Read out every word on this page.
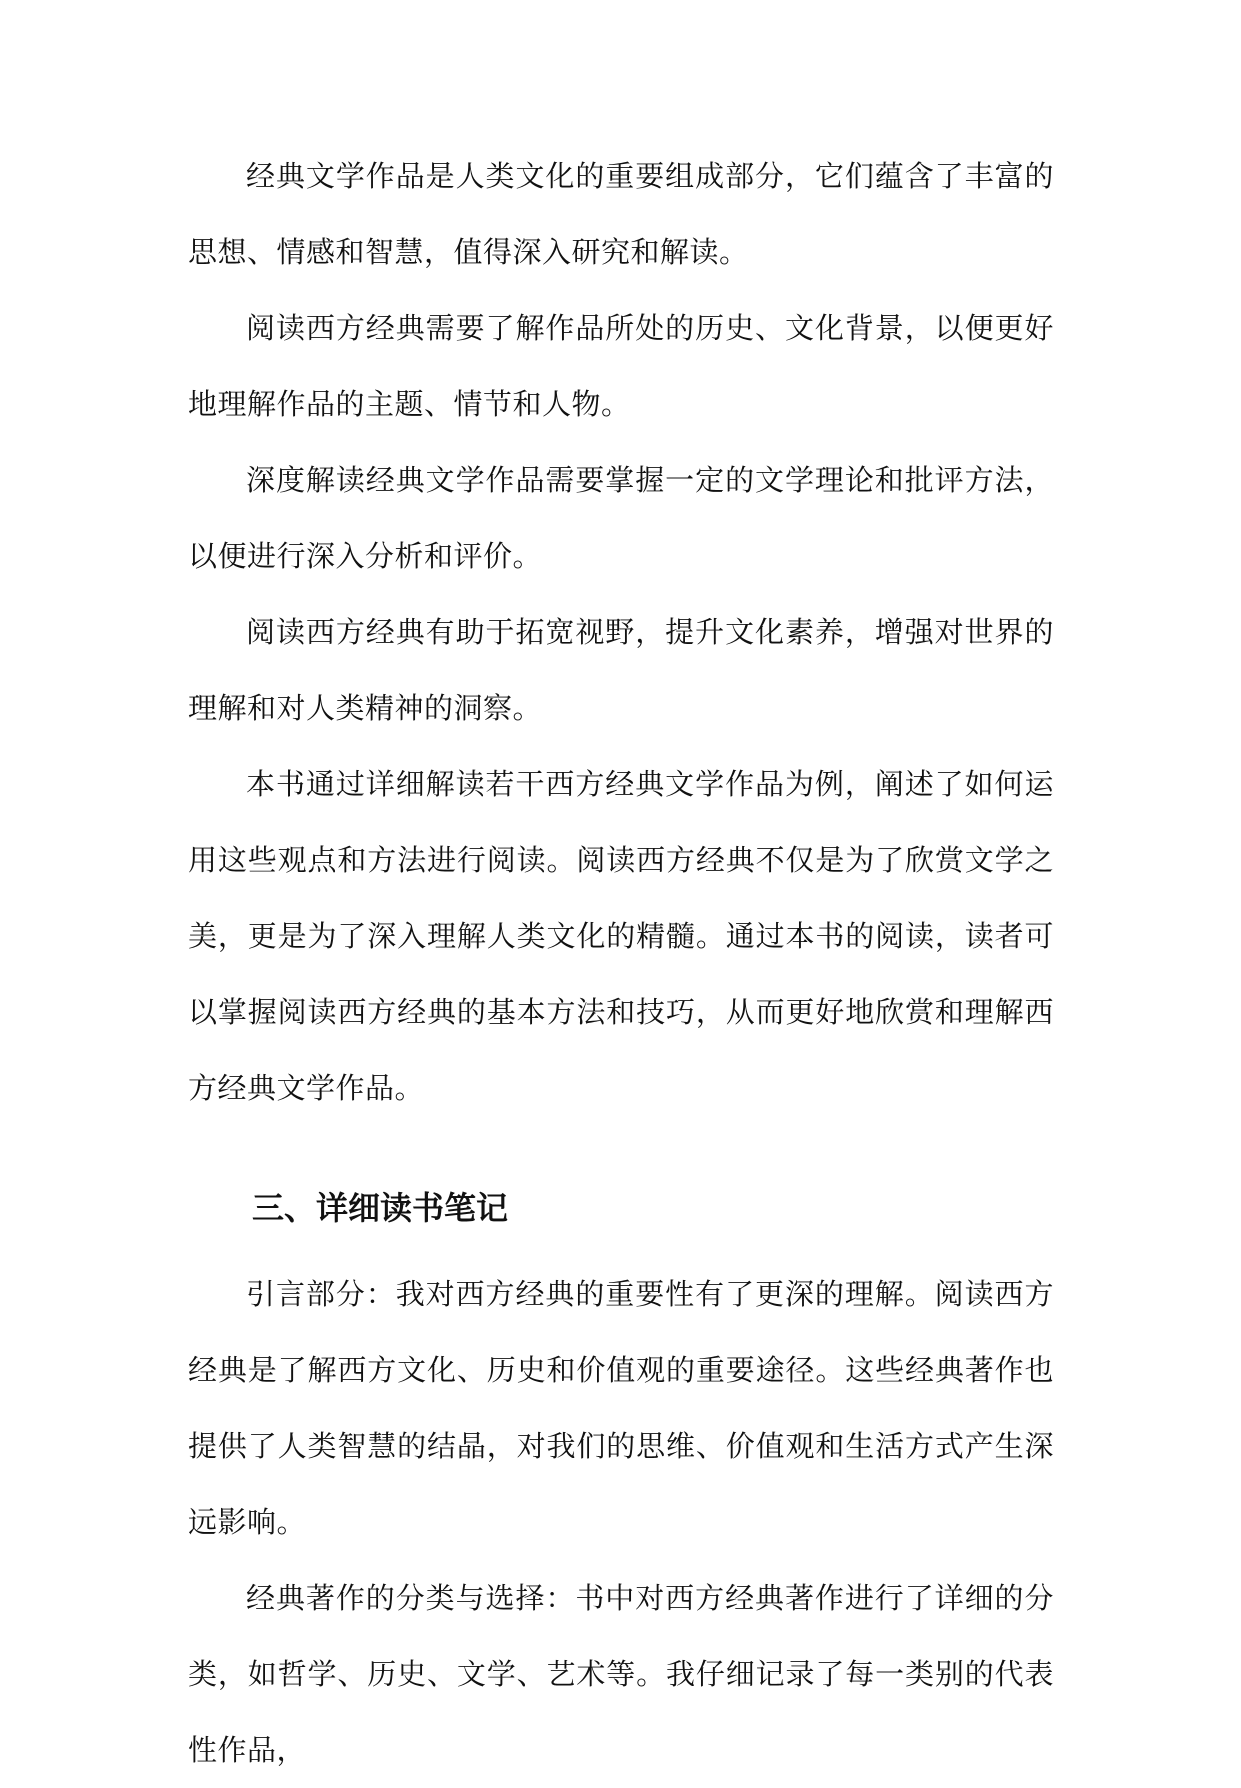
经典文学作品是人类文化的重要组成部分，它们蕴含了丰富的思想、情感和智慧，值得深入研究和解读。

阅读西方经典需要了解作品所处的历史、文化背景，以便更好地理解作品的主题、情节和人物。

深度解读经典文学作品需要掌握一定的文学理论和批评方法，以便进行深入分析和评价。

阅读西方经典有助于拓宽视野，提升文化素养，增强对世界的理解和对人类精神的洞察。

本书通过详细解读若干西方经典文学作品为例，阐述了如何运用这些观点和方法进行阅读。阅读西方经典不仅是为了欣赏文学之美，更是为了深入理解人类文化的精髓。通过本书的阅读，读者可以掌握阅读西方经典的基本方法和技巧，从而更好地欣赏和理解西方经典文学作品。

三、详细读书笔记

引言部分：我对西方经典的重要性有了更深的理解。阅读西方经典是了解西方文化、历史和价值观的重要途径。这些经典著作也提供了人类智慧的结晶，对我们的思维、价值观和生活方式产生深远影响。

经典著作的分类与选择：书中对西方经典著作进行了详细的分类，如哲学、历史、文学、艺术等。我仔细记录了每一类别的代表性作品，
